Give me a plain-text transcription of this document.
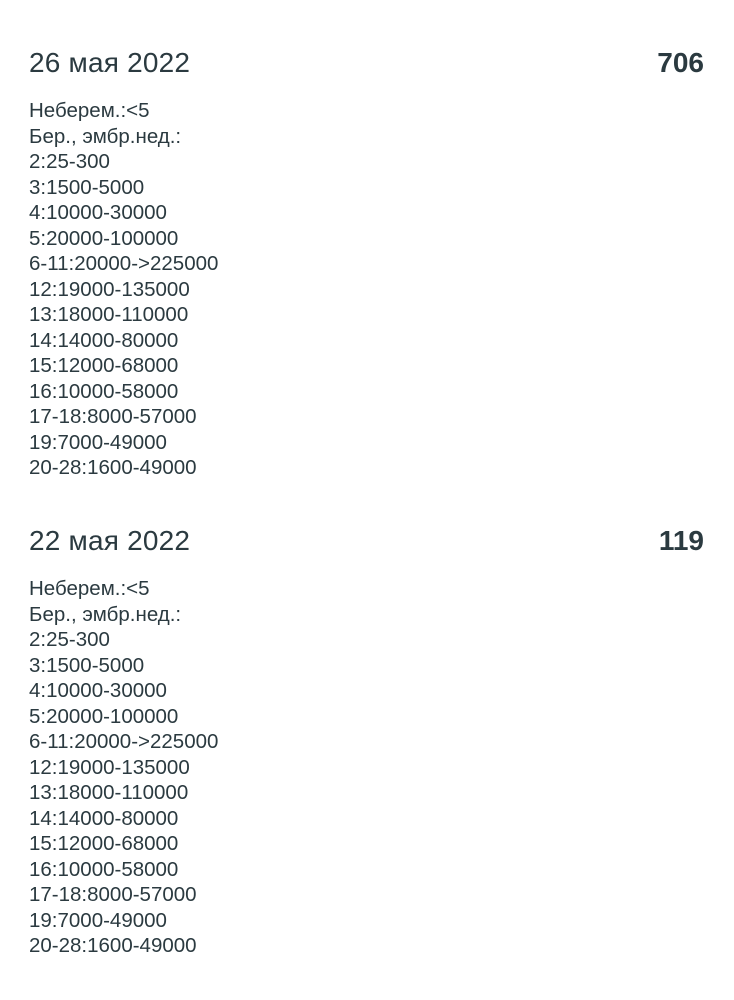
26 мая 2022	706
Неберем.:<5
Бер., эмбр.нед.:
2:25-300
3:1500-5000
4:10000-30000
5:20000-100000
6-11:20000->225000
12:19000-135000
13:18000-110000
14:14000-80000
15:12000-68000
16:10000-58000
17-18:8000-57000
19:7000-49000
20-28:1600-49000
22 мая 2022	119
Неберем.:<5
Бер., эмбр.нед.:
2:25-300
3:1500-5000
4:10000-30000
5:20000-100000
6-11:20000->225000
12:19000-135000
13:18000-110000
14:14000-80000
15:12000-68000
16:10000-58000
17-18:8000-57000
19:7000-49000
20-28:1600-49000
